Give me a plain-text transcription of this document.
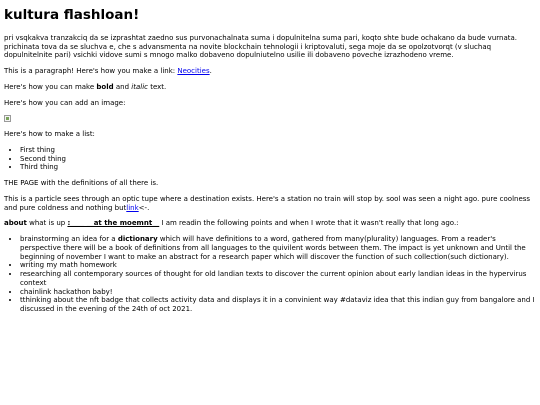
kultura flashloan!

pri vsqkakva tranzakciq da se izprashtat zaedno sus purvonachalnata suma i dopulnitelna suma pari, koqto shte bude ochakano da bude vurnata. prichinata tova da se sluchva e, che s advansmenta na novite blockchain tehnologii i kriptovaluti, sega moje da se opolzotvorqt (v sluchaq dopulnitelnite pari) vsichki vidove sumi s mnogo malko dobaveno dopulniutelno usilie ili dobaveno poveche izrazhodeno vreme.

This is a paragraph! Here's how you make a link: Neocities.

Here's how you can make bold and italic text.

Here's how you can add an image:

Here's how to make a list:

• First thing
• Second thing
• Third thing

THE PAGE with the definitions of all there is.

This is a particle sees through an optic tupe where a destination exists. Here's a station no train will stop by. sool was seen a night ago. pure coolness and pure coldness and nothing butlink<-.

about what is up :____ __at the moemnt__ I am readin the following points and when I wrote that it wasn't really that long ago.:

• brainstorming an idea for a dictionary which will have definitions to a word, gathered from many(plurality) languages. From a reader's perspective there will be a book of definitions from all languages to the quivilent words between them. The impact is yet unknown and Until the beginning of november I want to make an abstract for a research paper which will discover the function of such collection(such dictionary).
• writing my math homework
• researching all contemporary sources of thought for old landian texts to discover the current opinion about early landian ideas in the hypervirus context
• chainlink hackathon baby!
• tthinking about the nft badge that collects activity data and displays it in a convinient way #dataviz idea that this indian guy from bangalore and I discussed in the evening of the 24th of oct 2021.
